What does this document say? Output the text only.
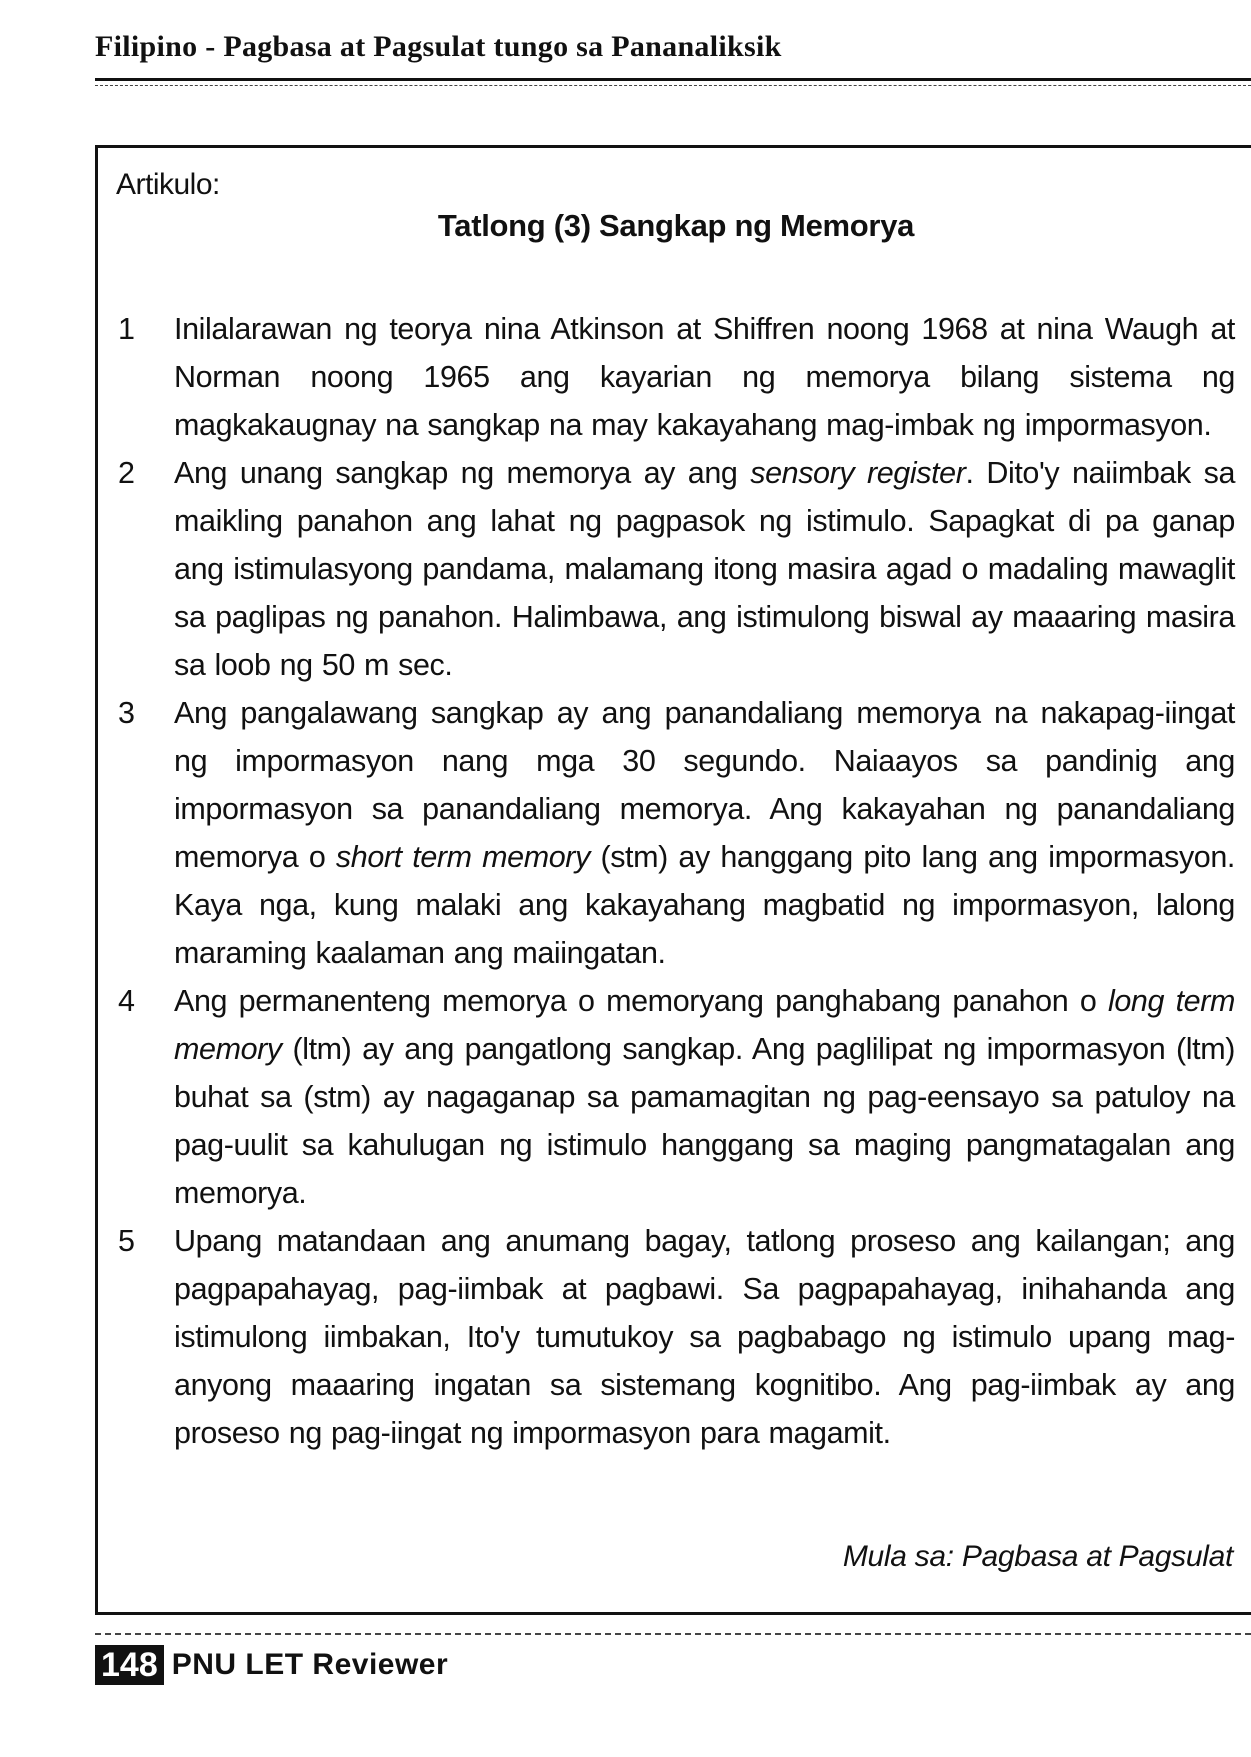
Filipino - Pagbasa at Pagsulat tungo sa Pananaliksik
Artikulo:
Tatlong (3) Sangkap ng Memorya
1	Inilalarawan ng teorya nina Atkinson at Shiffren noong 1968 at nina Waugh at Norman noong 1965 ang kayarian ng memorya bilang sistema ng magkakaugnay na sangkap na may kakayahang mag-imbak ng impormasyon.
2	Ang unang sangkap ng memorya ay ang sensory register. Dito'y naiimbak sa maikling panahon ang lahat ng pagpasok ng istimulo. Sapagkat di pa ganap ang istimulasyong pandama, malamang itong masira agad o madaling mawaglit sa paglipas ng panahon. Halimbawa, ang istimulong biswal ay maaaring masira sa loob ng 50 m sec.
3	Ang pangalawang sangkap ay ang panandaliang memorya na nakapag-iingat ng impormasyon nang mga 30 segundo. Naiaayos sa pandinig ang impormasyon sa panandaliang memorya. Ang kakayahan ng panandaliang memorya o short term memory (stm) ay hanggang pito lang ang impormasyon. Kaya nga, kung malaki ang kakayahang magbatid ng impormasyon, lalong maraming kaalaman ang maiingatan.
4	Ang permanenteng memorya o memoryang panghabang panahon o long term memory (ltm) ay ang pangatlong sangkap. Ang paglilipat ng impormasyon (ltm) buhat sa (stm) ay nagaganap sa pamamagitan ng pag-eensayo sa patuloy na pag-uulit sa kahulugan ng istimulo hanggang sa maging pangmatagalan ang memorya.
5	Upang matandaan ang anumang bagay, tatlong proseso ang kailangan; ang pagpapahayag, pag-iimbak at pagbawi. Sa pagpapahayag, inihahanda ang istimulong iimbakan, Ito'y tumutukoy sa pagbabago ng istimulo upang mag-anyong maaaring ingatan sa sistemang kognitibo. Ang pag-iimbak ay ang proseso ng pag-iingat ng impormasyon para magamit.
Mula sa: Pagbasa at Pagsulat
148 PNU LET Reviewer
